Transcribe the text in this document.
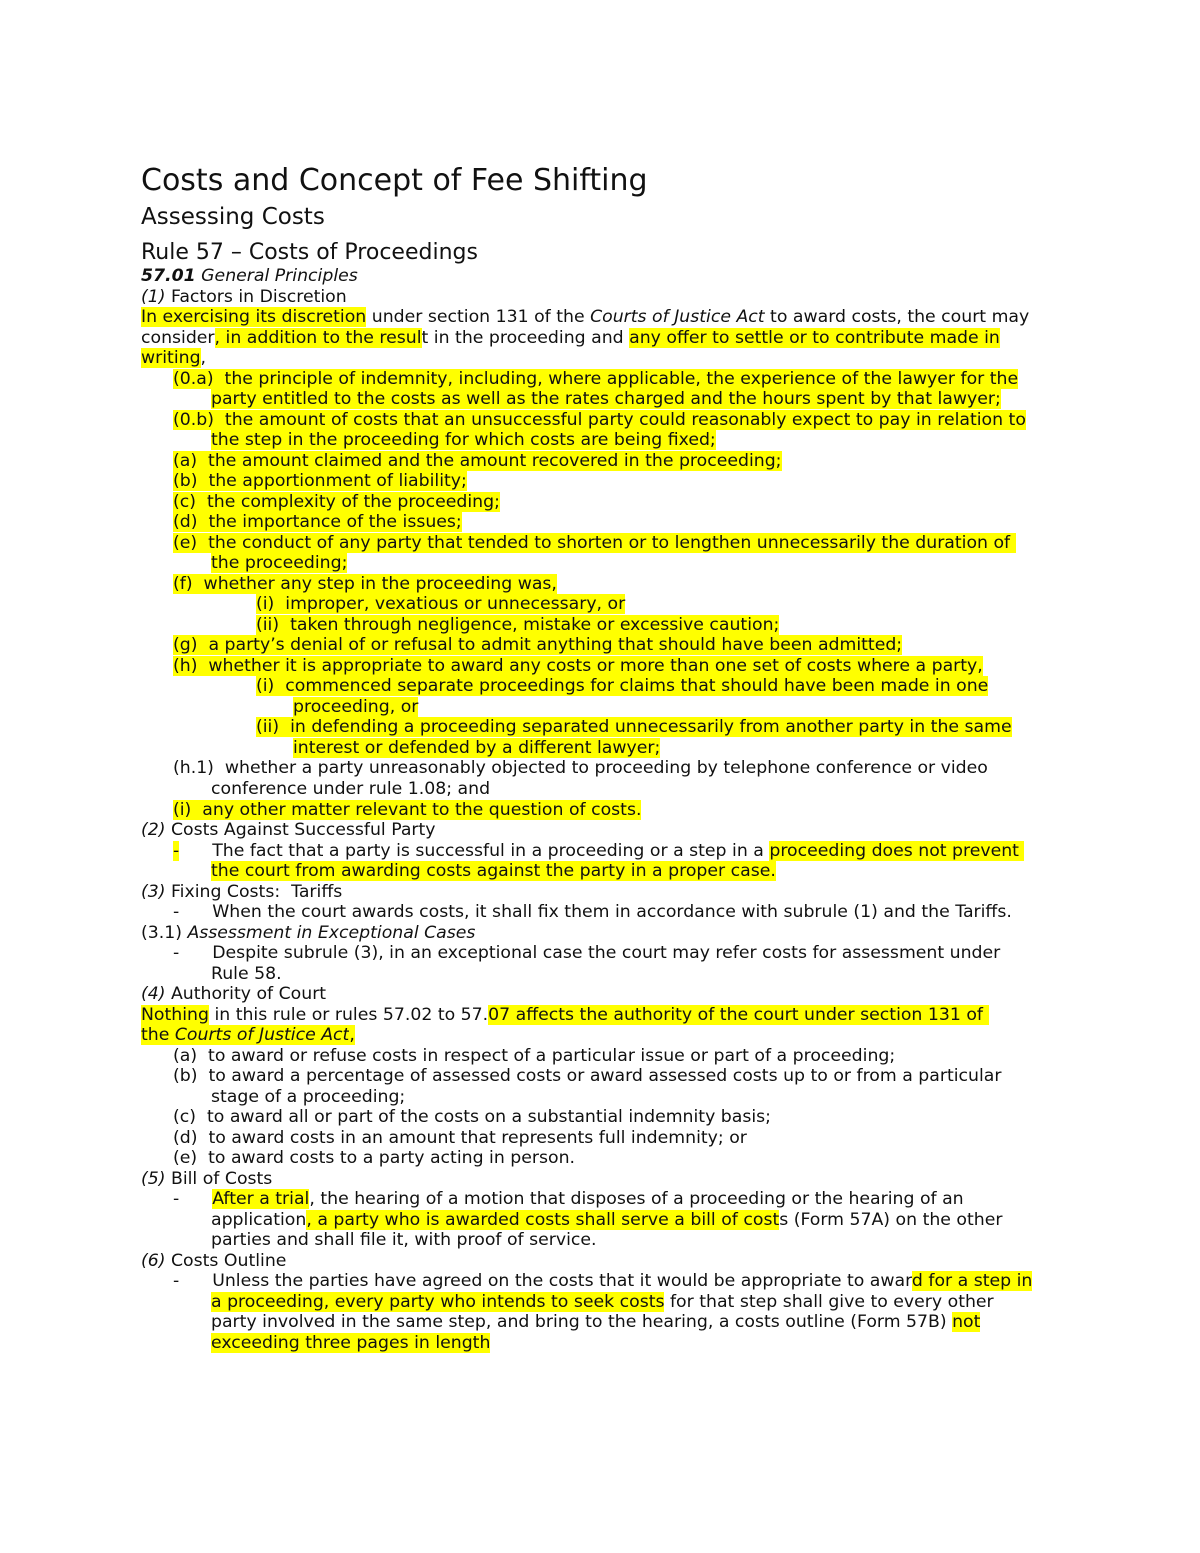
Costs and Concept of Fee Shifting
Assessing Costs
Rule 57 – Costs of Proceedings
57.01 General Principles
(1) Factors in Discretion
In exercising its discretion under section 131 of the Courts of Justice Act to award costs, the court may
consider, in addition to the result in the proceeding and any offer to settle or to contribute made in
writing,
(0.a)  the principle of indemnity, including, where applicable, the experience of the lawyer for the
party entitled to the costs as well as the rates charged and the hours spent by that lawyer;
(0.b)  the amount of costs that an unsuccessful party could reasonably expect to pay in relation to
the step in the proceeding for which costs are being fixed;
(a)  the amount claimed and the amount recovered in the proceeding;
(b)  the apportionment of liability;
(c)  the complexity of the proceeding;
(d)  the importance of the issues;
(e)  the conduct of any party that tended to shorten or to lengthen unnecessarily the duration of
the proceeding;
(f)  whether any step in the proceeding was,
(i)  improper, vexatious or unnecessary, or
(ii)  taken through negligence, mistake or excessive caution;
(g)  a party’s denial of or refusal to admit anything that should have been admitted;
(h)  whether it is appropriate to award any costs or more than one set of costs where a party,
(i)  commenced separate proceedings for claims that should have been made in one
proceeding, or
(ii)  in defending a proceeding separated unnecessarily from another party in the same
interest or defended by a different lawyer;
(h.1)  whether a party unreasonably objected to proceeding by telephone conference or video
conference under rule 1.08; and
(i)  any other matter relevant to the question of costs.
(2) Costs Against Successful Party
-      The fact that a party is successful in a proceeding or a step in a proceeding does not prevent
the court from awarding costs against the party in a proper case.
(3) Fixing Costs:  Tariffs
-      When the court awards costs, it shall fix them in accordance with subrule (1) and the Tariffs.
(3.1) Assessment in Exceptional Cases
-      Despite subrule (3), in an exceptional case the court may refer costs for assessment under
Rule 58.
(4) Authority of Court
Nothing in this rule or rules 57.02 to 57.07 affects the authority of the court under section 131 of
the Courts of Justice Act,
(a)  to award or refuse costs in respect of a particular issue or part of a proceeding;
(b)  to award a percentage of assessed costs or award assessed costs up to or from a particular
stage of a proceeding;
(c)  to award all or part of the costs on a substantial indemnity basis;
(d)  to award costs in an amount that represents full indemnity; or
(e)  to award costs to a party acting in person.
(5) Bill of Costs
-      After a trial, the hearing of a motion that disposes of a proceeding or the hearing of an
application, a party who is awarded costs shall serve a bill of costs (Form 57A) on the other
parties and shall file it, with proof of service.
(6) Costs Outline
-      Unless the parties have agreed on the costs that it would be appropriate to award for a step in
a proceeding, every party who intends to seek costs for that step shall give to every other
party involved in the same step, and bring to the hearing, a costs outline (Form 57B) not
exceeding three pages in length
